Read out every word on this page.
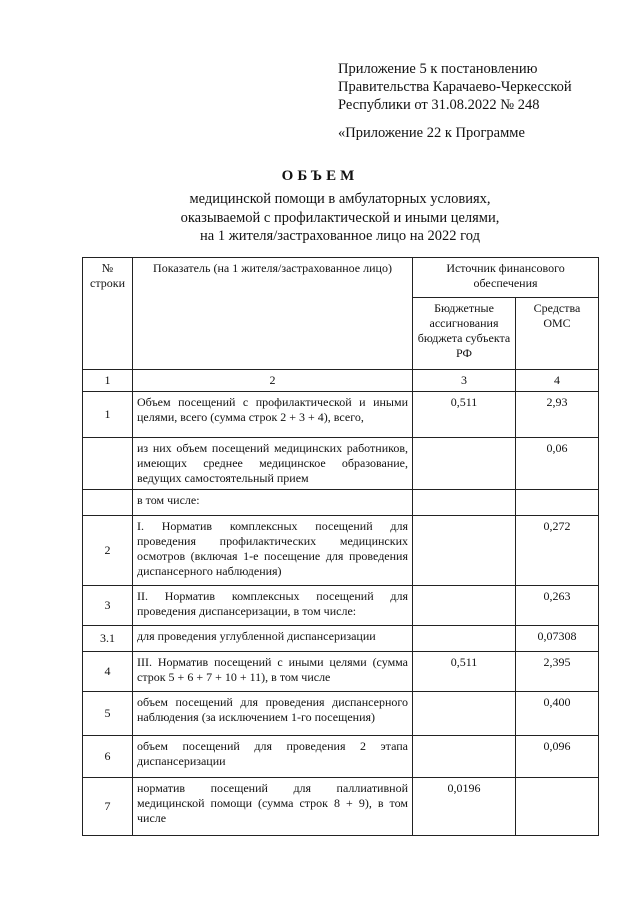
Приложение 5 к постановлению
Правительства Карачаево-Черкесской
Республики от 31.08.2022 № 248
«Приложение 22 к Программе
ОБЪЕМ
медицинской помощи в амбулаторных условиях,
оказываемой с профилактической и иными целями,
на 1 жителя/застрахованное лицо на 2022 год
№ строки	Показатель (на 1 жителя/застрахованное лицо)	Источник финансового обеспечения	
		Бюджетные ассигнования бюджета субъекта РФ	Средства ОМС
1	2	3	4
1	Объем посещений с профилактической и иными целями, всего (сумма строк 2 + 3 + 4), всего,	0,511	2,93
	из них объем посещений медицинских работников, имеющих среднее медицинское образование, ведущих самостоятельный прием		0,06
	в том числе:		
2	I. Норматив комплексных посещений для проведения профилактических медицинских осмотров (включая 1-е посещение для проведения диспансерного наблюдения)		0,272
3	II. Норматив комплексных посещений для проведения диспансеризации, в том числе:		0,263
3.1	для проведения углубленной диспансеризации		0,07308
4	III. Норматив посещений с иными целями (сумма строк 5 + 6 + 7 + 10 + 11), в том числе	0,511	2,395
5	объем посещений для проведения диспансерного наблюдения (за исключением 1-го посещения)		0,400
6	объем посещений для проведения 2 этапа диспансеризации		0,096
7	норматив посещений для паллиативной медицинской помощи (сумма строк 8 + 9), в том числе	0,0196	
